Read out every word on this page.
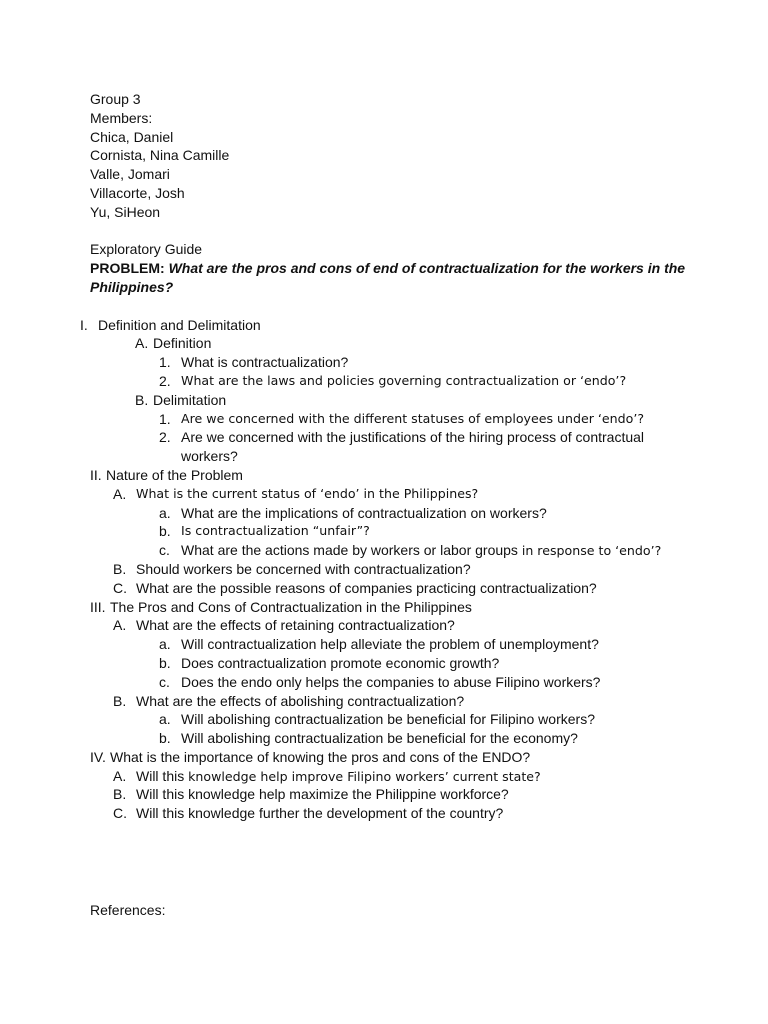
Group 3
Members:
Chica, Daniel
Cornista, Nina Camille
Valle, Jomari
Villacorte, Josh
Yu, SiHeon
Exploratory Guide
PROBLEM: What are the pros and cons of end of contractualization for the workers in the
Philippines?
I. Definition and Delimitation
A. Definition
1. What is contractualization?
2. What are the laws and policies governing contractualization or ‘endo’?
B. Delimitation
1. Are we concerned with the different statuses of employees under ‘endo’?
2. Are we concerned with the justifications of the hiring process of contractual
workers?
II. Nature of the Problem
A. What is the current status of ‘endo’ in the Philippines?
a. What are the implications of contractualization on workers?
b. Is contractualization “unfair”?
c. What are the actions made by workers or labor groups in response to ‘endo’?
B. Should workers be concerned with contractualization?
C. What are the possible reasons of companies practicing contractualization?
III. The Pros and Cons of Contractualization in the Philippines
A. What are the effects of retaining contractualization?
a. Will contractualization help alleviate the problem of unemployment?
b. Does contractualization promote economic growth?
c. Does the endo only helps the companies to abuse Filipino workers?
B. What are the effects of abolishing contractualization?
a. Will abolishing contractualization be beneficial for Filipino workers?
b. Will abolishing contractualization be beneficial for the economy?
IV. What is the importance of knowing the pros and cons of the ENDO?
A. Will this knowledge help improve Filipino workers’ current state?
B. Will this knowledge help maximize the Philippine workforce?
C. Will this knowledge further the development of the country?
References:
